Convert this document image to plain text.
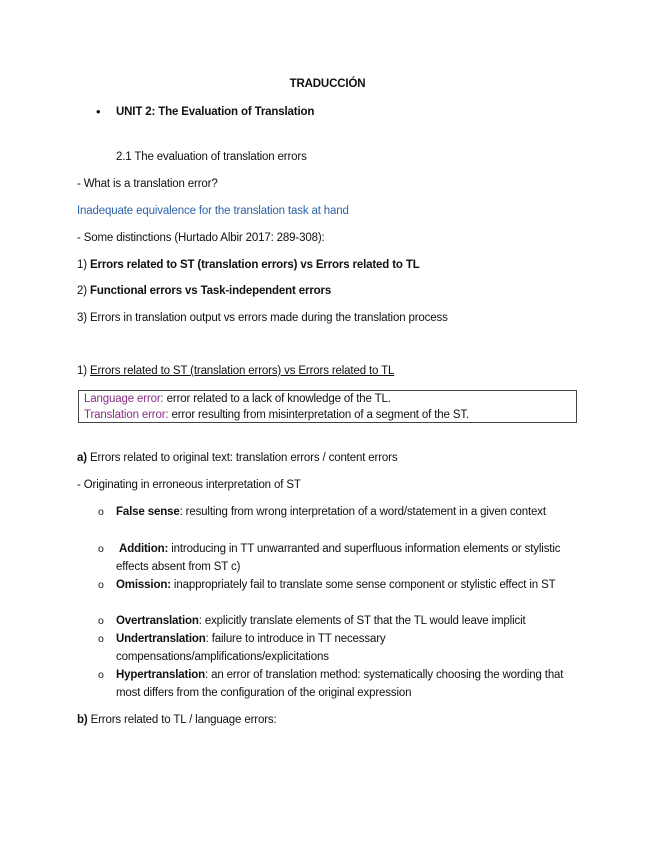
TRADUCCIÓN
• UNIT 2: The Evaluation of Translation
2.1 The evaluation of translation errors
- What is a translation error?
Inadequate equivalence for the translation task at hand
- Some distinctions (Hurtado Albir 2017: 289-308):
1) Errors related to ST (translation errors) vs Errors related to TL
2) Functional errors vs Task-independent errors
3) Errors in translation output vs errors made during the translation process
1) Errors related to ST (translation errors) vs Errors related to TL
Language error: error related to a lack of knowledge of the TL.
Translation error: error resulting from misinterpretation of a segment of the ST.
a) Errors related to original text: translation errors / content errors
- Originating in erroneous interpretation of ST
o False sense: resulting from wrong interpretation of a word/statement in a given context
o Addition: introducing in TT unwarranted and superfluous information elements or stylistic effects absent from ST c)
o Omission: inappropriately fail to translate some sense component or stylistic effect in ST
o Overtranslation: explicitly translate elements of ST that the TL would leave implicit
o Undertranslation: failure to introduce in TT necessary compensations/amplifications/explicitations
o Hypertranslation: an error of translation method: systematically choosing the wording that most differs from the configuration of the original expression
b) Errors related to TL / language errors:
